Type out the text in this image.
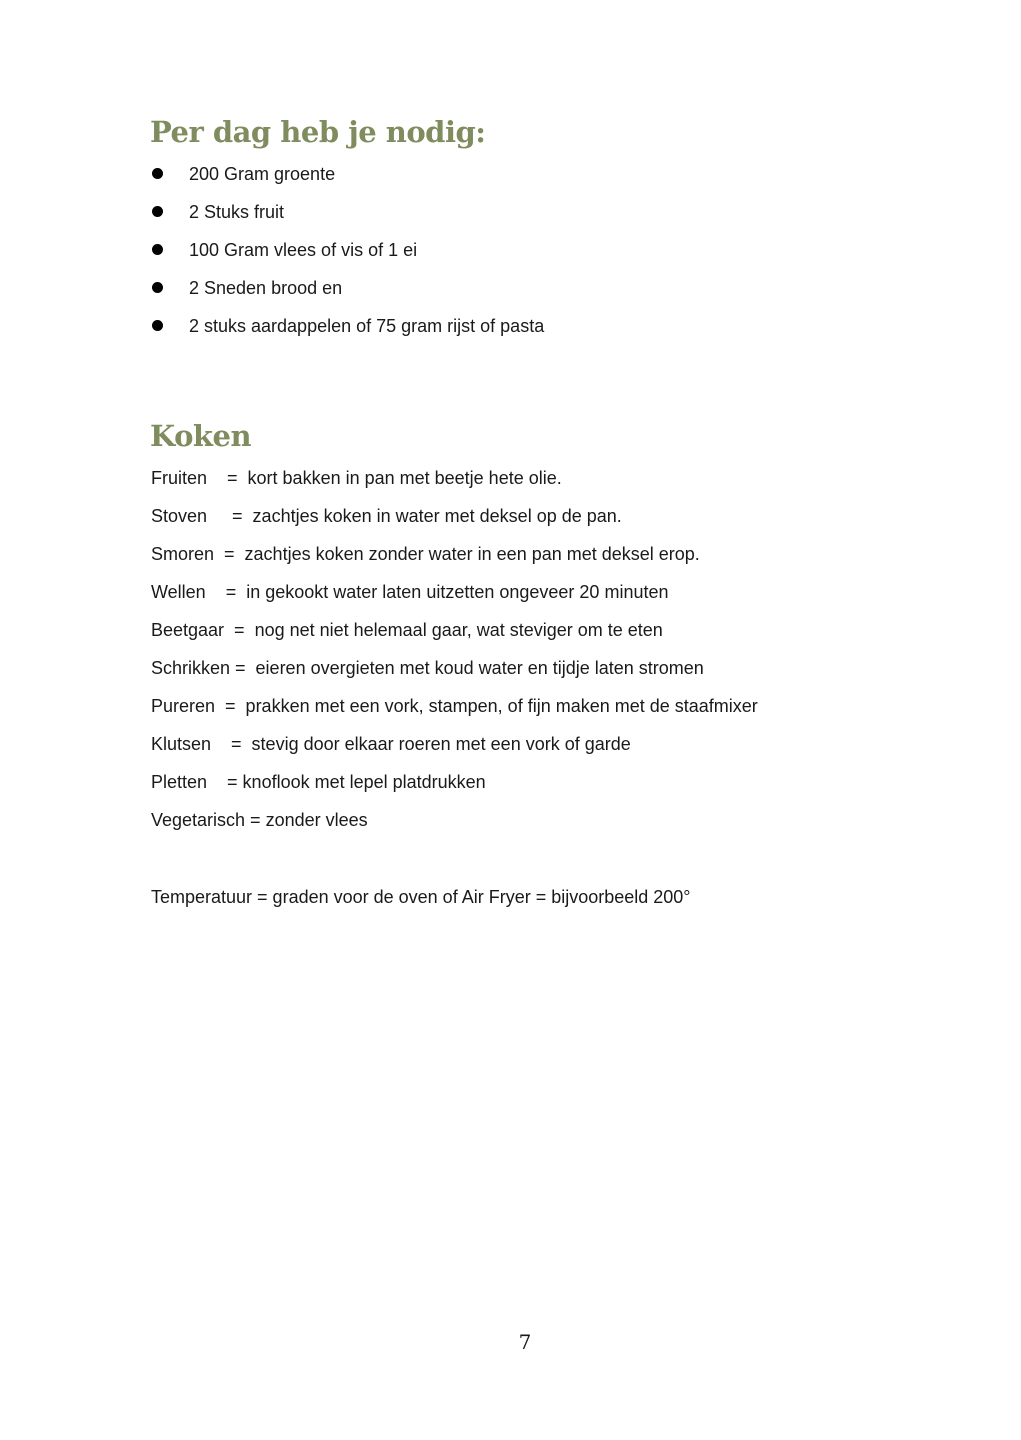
Per dag heb je nodig:
200 Gram groente
2 Stuks fruit
100 Gram vlees of vis of 1 ei
2 Sneden brood en
2 stuks aardappelen of 75 gram rijst of pasta
Koken
Fruiten    =  kort bakken in pan met beetje hete olie.
Stoven     =  zachtjes koken in water met deksel op de pan.
Smoren  =  zachtjes koken zonder water in een pan met deksel erop.
Wellen    =  in gekookt water laten uitzetten ongeveer 20 minuten
Beetgaar  =  nog net niet helemaal gaar, wat steviger om te eten
Schrikken =  eieren overgieten met koud water en tijdje laten stromen
Pureren  =  prakken met een vork, stampen, of fijn maken met de staafmixer
Klutsen    =  stevig door elkaar roeren met een vork of garde
Pletten    = knoflook met lepel platdrukken
Vegetarisch = zonder vlees

Temperatuur = graden voor de oven of Air Fryer = bijvoorbeeld 200°

7
